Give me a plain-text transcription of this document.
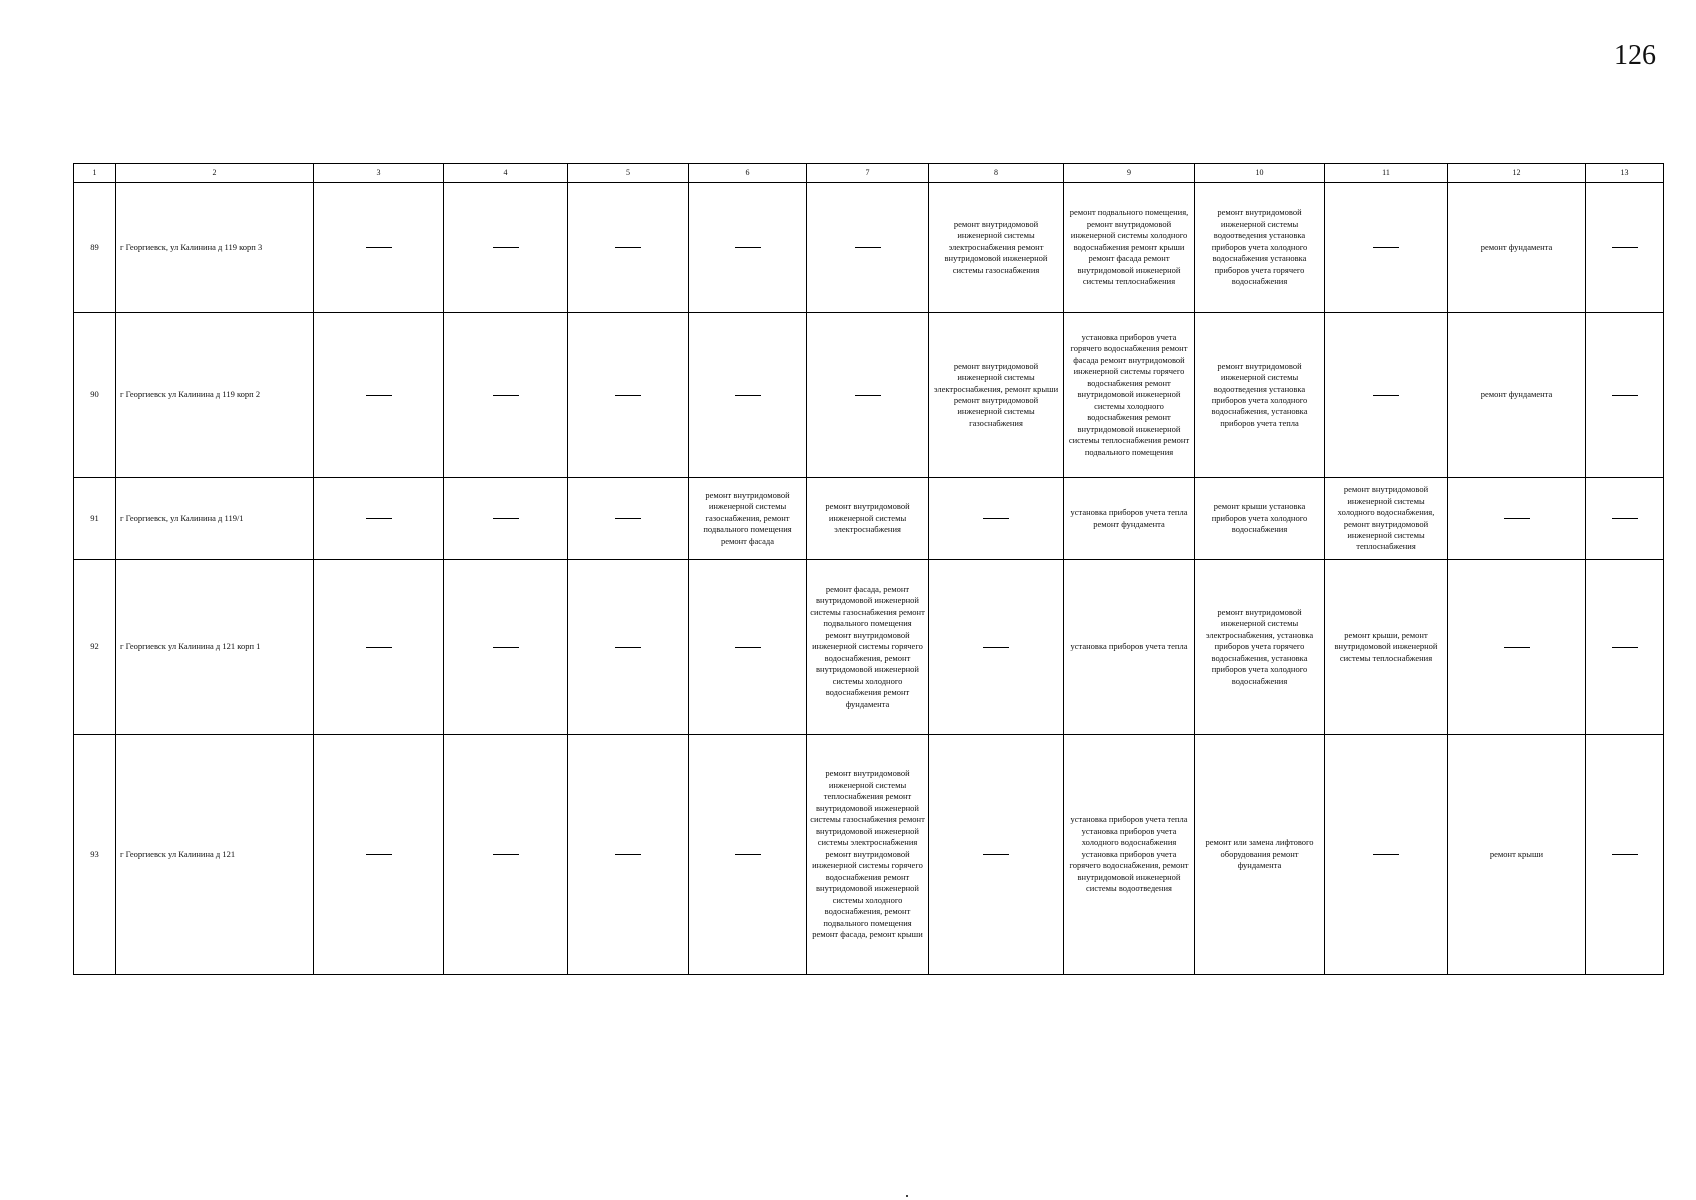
126
1	2	3	4	5	6	7	8	9	10	11	12	13
89	г Георгиевск, ул Калинина д 119 корп 3						ремонт внутридомовой инженерной системы электроснабжения ремонт внутридомовой инженерной системы газоснабжения	ремонт подвального помещения, ремонт внутридомовой инженерной системы холодного водоснабжения ремонт крыши ремонт фасада ремонт внутридомовой инженерной системы теплоснабжения	ремонт внутридомовой инженерной системы водоотведения установка приборов учета холодного водоснабжения установка приборов учета горячего водоснабжения		ремонт фундамента	
90	г Георгиевск ул Калинина д 119 корп 2						ремонт внутридомовой инженерной системы электроснабжения, ремонт крыши ремонт внутридомовой инженерной системы газоснабжения	установка приборов учета горячего водоснабжения ремонт фасада ремонт внутридомовой инженерной системы горячего водоснабжения ремонт внутридомовой инженерной системы холодного водоснабжения ремонт внутридомовой инженерной системы теплоснабжения ремонт подвального помещения	ремонт внутридомовой инженерной системы водоотведения установка приборов учета холодного водоснабжения, установка приборов учета тепла		ремонт фундамента	
91	г Георгиевск, ул Калинина д 119/1				ремонт внутридомовой инженерной системы газоснабжения, ремонт подвального помещения ремонт фасада	ремонт внутридомовой инженерной системы электроснабжения		установка приборов учета тепла ремонт фундамента	ремонт крыши установка приборов учета холодного водоснабжения	ремонт внутридомовой инженерной системы холодного водоснабжения, ремонт внутридомовой инженерной системы теплоснабжения		
92	г Георгиевск ул Калинина д 121 корп 1					ремонт фасада, ремонт внутридомовой инженерной системы газоснабжения ремонт подвального помещения ремонт внутридомовой инженерной системы горячего водоснабжения, ремонт внутридомовой инженерной системы холодного водоснабжения ремонт фундамента		установка приборов учета тепла	ремонт внутридомовой инженерной системы электроснабжения, установка приборов учета горячего водоснабжения, установка приборов учета холодного водоснабжения	ремонт крыши, ремонт внутридомовой инженерной системы теплоснабжения		
93	г Георгиевск ул Калинина д 121					ремонт внутридомовой инженерной системы теплоснабжения ремонт внутридомовой инженерной системы газоснабжения ремонт внутридомовой инженерной системы электроснабжения ремонт внутридомовой инженерной системы горячего водоснабжения ремонт внутридомовой инженерной системы холодного водоснабжения, ремонт подвального помещения ремонт фасада, ремонт крыши		установка приборов учета тепла установка приборов учета холодного водоснабжения установка приборов учета горячего водоснабжения, ремонт внутридомовой инженерной системы водоотведения	ремонт или замена лифтового оборудования ремонт фундамента		ремонт крыши	
